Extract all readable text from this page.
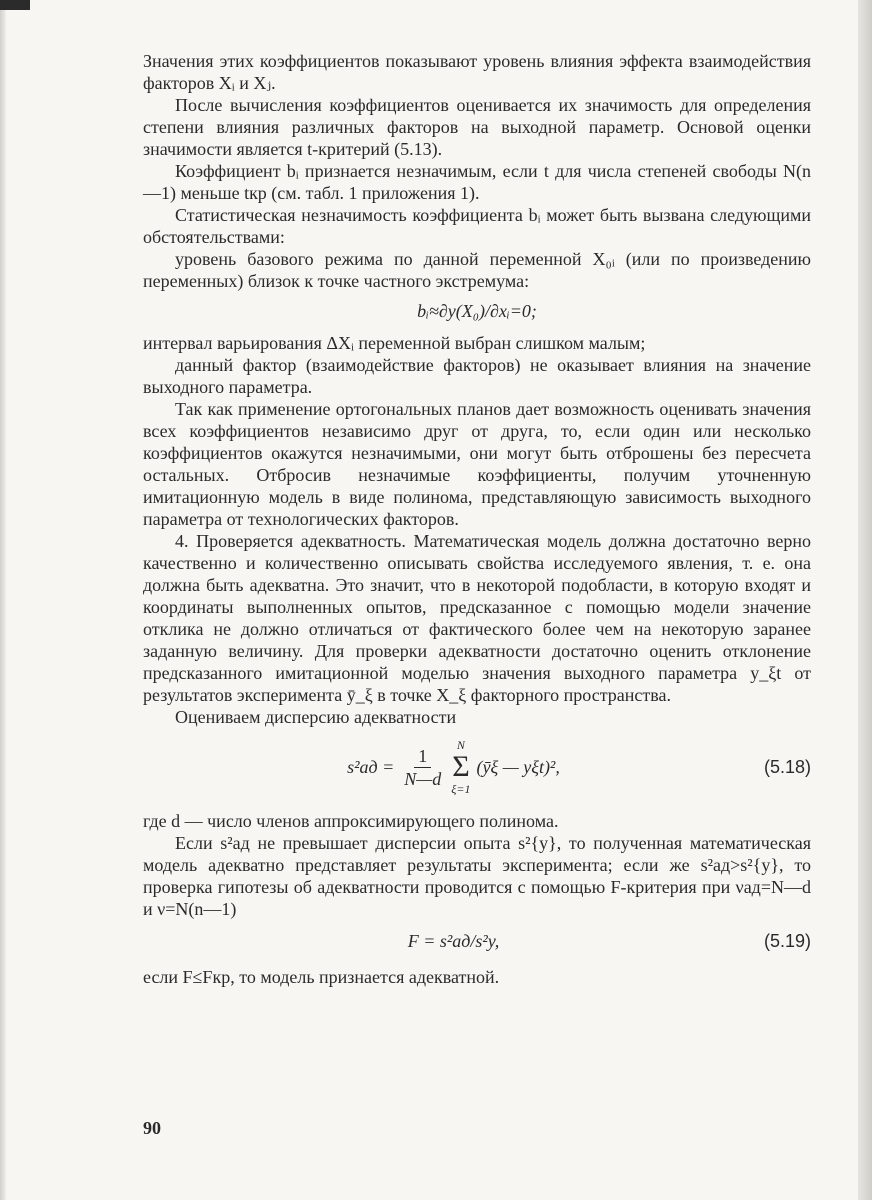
Значения этих коэффициентов показывают уровень влияния эффекта взаимодействия факторов Xᵢ и Xⱼ.

После вычисления коэффициентов оценивается их значимость для определения степени влияния различных факторов на выходной параметр. Основой оценки значимости является t-критерий (5.13).

Коэффициент bᵢ признается незначимым, если t для числа степеней свободы N(n—1) меньше tкр (см. табл. 1 приложения 1).

Статистическая незначимость коэффициента bᵢ может быть вызвана следующими обстоятельствами:

уровень базового режима по данной переменной X₀ᵢ (или по произведению переменных) близок к точке частного экстремума:

bᵢ≈∂y(X₀)/∂xᵢ=0;

интервал варьирования ΔXᵢ переменной выбран слишком малым;

данный фактор (взаимодействие факторов) не оказывает влияния на значение выходного параметра.

Так как применение ортогональных планов дает возможность оценивать значения всех коэффициентов независимо друг от друга, то, если один или несколько коэффициентов окажутся незначимыми, они могут быть отброшены без пересчета остальных. Отбросив незначимые коэффициенты, получим уточненную имитационную модель в виде полинома, представляющую зависимость выходного параметра от технологических факторов.

4. Проверяется адекватность. Математическая модель должна достаточно верно качественно и количественно описывать свойства исследуемого явления, т. е. она должна быть адекватна. Это значит, что в некоторой подобласти, в которую входят и координаты выполненных опытов, предсказанное с помощью модели значение отклика не должно отличаться от фактического более чем на некоторую заранее заданную величину. Для проверки адекватности достаточно оценить отклонение предсказанного имитационной моделью значения выходного параметра y_ξt от результатов эксперимента ȳ_ξ в точке X_ξ факторного пространства.

Оцениваем дисперсию адекватности

$s^2ад = \frac{1}{N—d}$ N
Σ
ξ=1
(ȳξ — yξt)²,	(5.18)

где d — число членов аппроксимирующего полинома.

Если s²ад не превышает дисперсии опыта s²{y}, то полученная математическая модель адекватно представляет результаты эксперимента; если же s²ад>s²{y}, то проверка гипотезы об адекватности проводится с помощью F-критерия при νад=N—d и ν=N(n—1)

F = s²ад/s²y,	(5.19)

если F≤Fкр, то модель признается адекватной.

90
